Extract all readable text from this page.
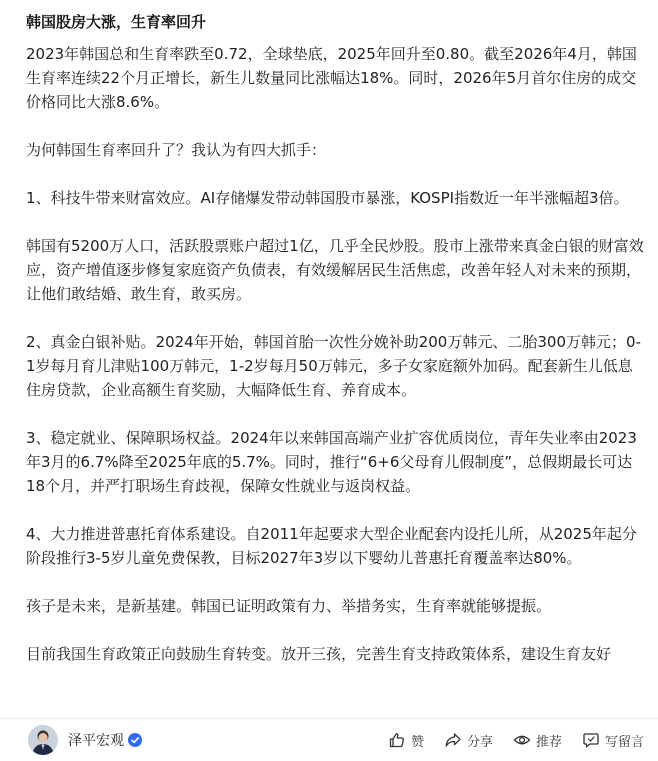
韩国股房大涨，生育率回升

2023年韩国总和生育率跌至0.72，全球垫底，2025年回升至0.80。截至2026年4月，韩国生育率连续22个月正增长，新生儿数量同比涨幅达18%。同时，2026年5月首尔住房的成交价格同比大涨8.6%。

为何韩国生育率回升了？我认为有四大抓手：

1、科技牛带来财富效应。AI存储爆发带动韩国股市暴涨，KOSPI指数近一年半涨幅超3倍。

韩国有5200万人口，活跃股票账户超过1亿，几乎全民炒股。股市上涨带来真金白银的财富效应，资产增值逐步修复家庭资产负债表，有效缓解居民生活焦虑，改善年轻人对未来的预期，让他们敢结婚、敢生育，敢买房。

2、真金白银补贴。2024年开始，韩国首胎一次性分娩补助200万韩元、二胎300万韩元；0-1岁每月育儿津贴100万韩元，1-2岁每月50万韩元，多子女家庭额外加码。配套新生儿低息住房贷款，企业高额生育奖励，大幅降低生育、养育成本。

3、稳定就业、保障职场权益。2024年以来韩国高端产业扩容优质岗位，青年失业率由2023年3月的6.7%降至2025年底的5.7%。同时，推行“6+6父母育儿假制度”，总假期最长可达18个月，并严打职场生育歧视，保障女性就业与返岗权益。

4、大力推进普惠托育体系建设。自2011年起要求大型企业配套内设托儿所，从2025年起分阶段推行3-5岁儿童免费保教，目标2027年3岁以下婴幼儿普惠托育覆盖率达80%。

孩子是未来，是新基建。韩国已证明政策有力、举措务实，生育率就能够提振。

目前我国生育政策正向鼓励生育转变。放开三孩，完善生育支持政策体系，建设生育友好

泽平宏观	赞	分享	推荐	写留言
